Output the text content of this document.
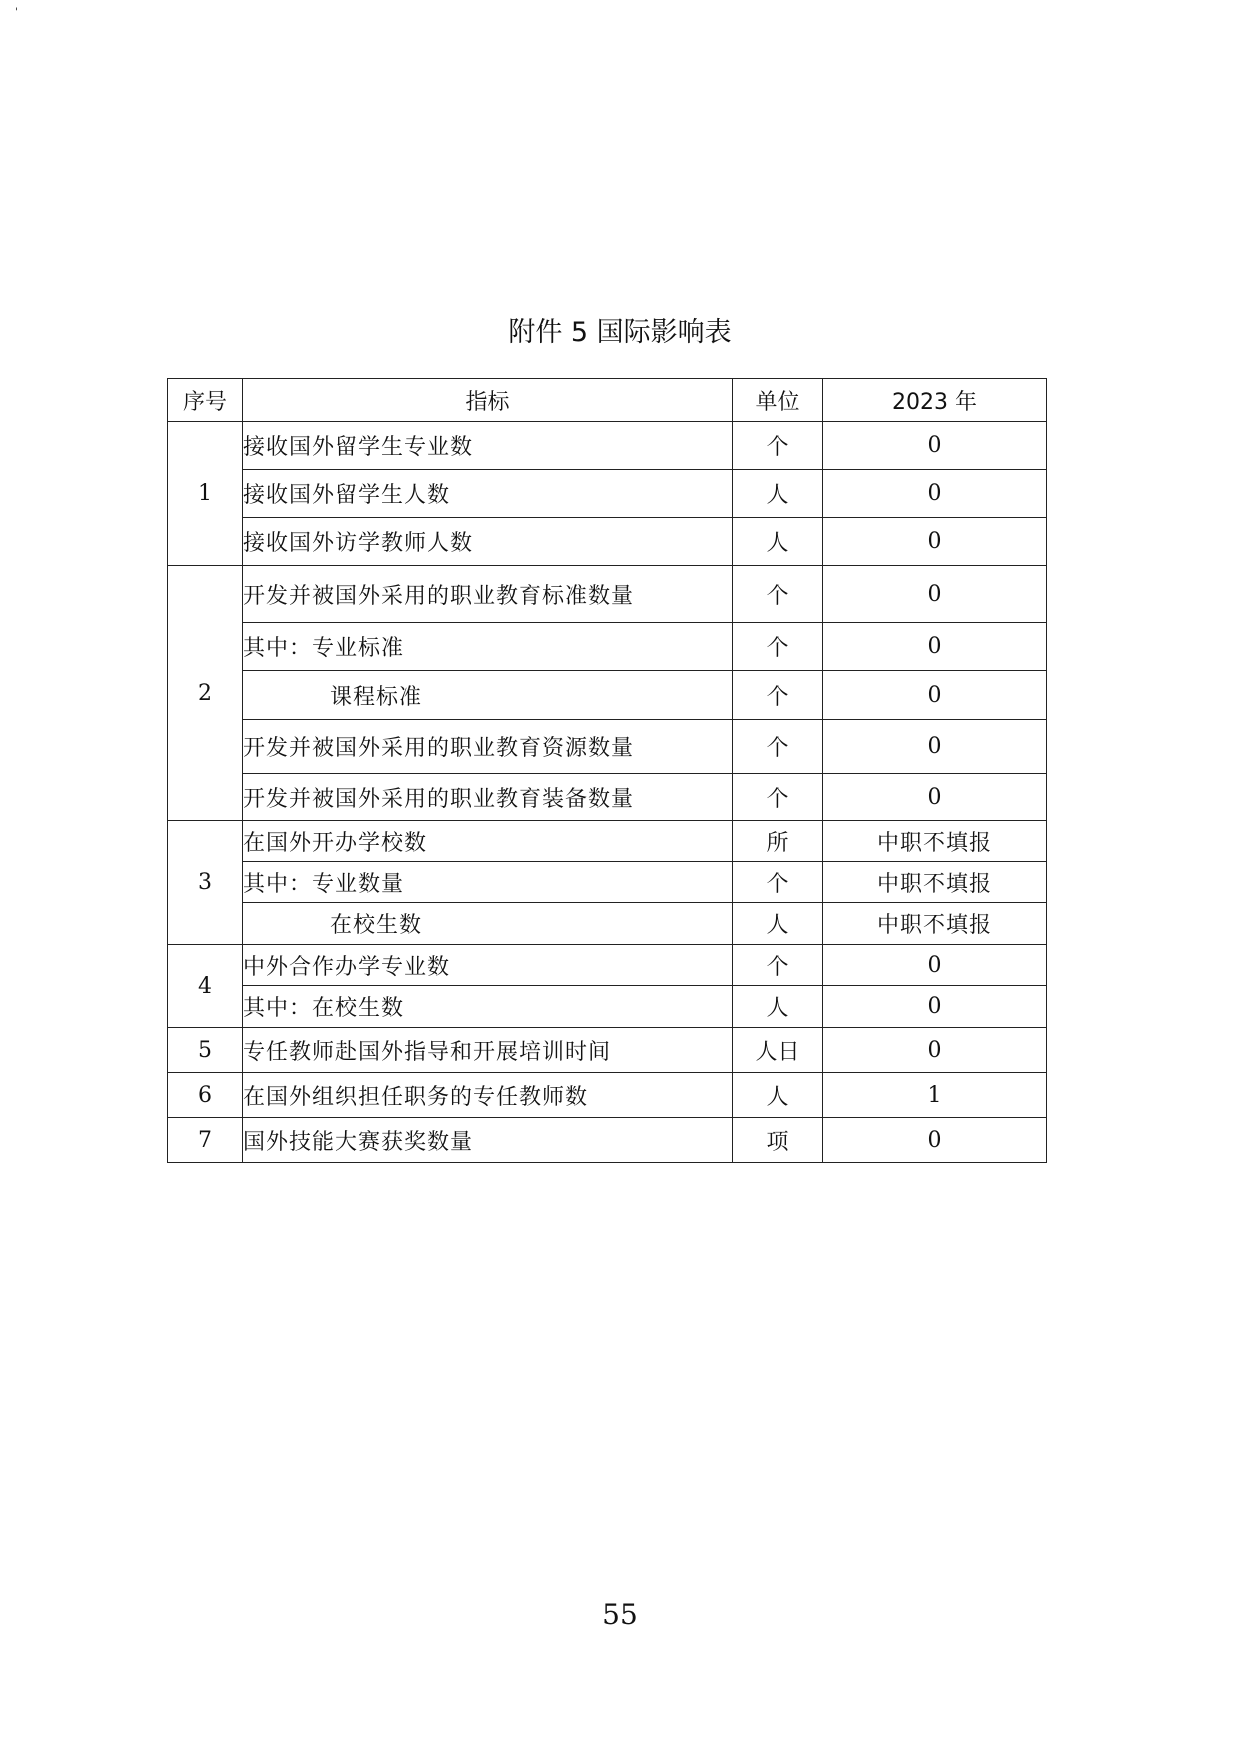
'
附件 5 国际影响表
序号	指标	单位	2023 年
1	接收国外留学生专业数	个	0
	接收国外留学生人数	人	0
	接收国外访学教师人数	人	0
2	开发并被国外采用的职业教育标准数量	个	0
	其中：专业标准	个	0
	课程标准	个	0
	开发并被国外采用的职业教育资源数量	个	0
	开发并被国外采用的职业教育装备数量	个	0
3	在国外开办学校数	所	中职不填报
	其中：专业数量	个	中职不填报
	在校生数	人	中职不填报
4	中外合作办学专业数	个	0
	其中：在校生数	人	0
5	专任教师赴国外指导和开展培训时间	人日	0
6	在国外组织担任职务的专任教师数	人	1
7	国外技能大赛获奖数量	项	0
55
